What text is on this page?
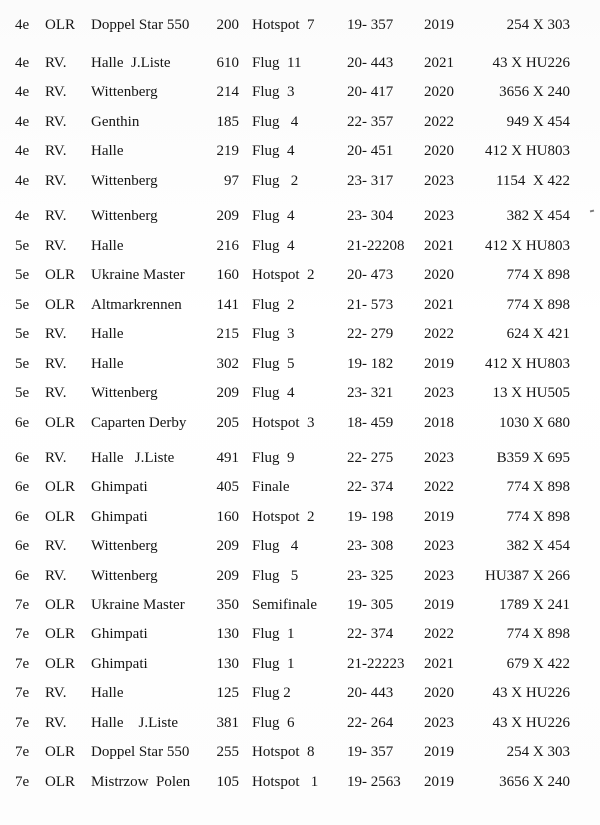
4e OLR Doppel Star 550	200 Hotspot  7 19- 357 2019	254 X 303
4e RV. Halle  J.Liste	610 Flug  11	20- 443 2021	43 X HU226
4e RV. Wittenberg	214 Flug  3	20- 417 2020	3656 X 240
4e RV. Genthin	185 Flug   4	22- 357 2022	949 X 454
4e RV. Halle	219 Flug  4	20- 451 2020	412 X HU803
4e RV. Wittenberg	97 Flug   2	23- 317 2023	1154  X 422
4e RV. Wittenberg	209 Flug  4	23- 304 2023	382 X 454
5e RV. Halle	216 Flug  4	21-22208 2021	412 X HU803
5e OLR Ukraine Master	160 Hotspot  2 20- 473 2020	774 X 898
5e OLR Altmarkrennen	141 Flug  2	21- 573 2021	774 X 898
5e RV. Halle	215 Flug  3	22- 279 2022	624 X 421
5e RV. Halle	302 Flug  5	19- 182 2019	412 X HU803
5e RV. Wittenberg	209 Flug  4	23- 321 2023	13 X HU505
6e OLR Caparten Derby	205 Hotspot  3 18- 459 2018	1030 X 680
6e RV. Halle   J.Liste	491 Flug  9	22- 275 2023	B359 X 695
6e OLR Ghimpati	405 Finale	22- 374 2022	774 X 898
6e OLR Ghimpati	160 Hotspot  2 19- 198 2019	774 X 898
6e RV. Wittenberg	209 Flug   4	23- 308 2023	382 X 454
6e RV. Wittenberg	209 Flug   5	23- 325 2023	HU387 X 266
7e OLR Ukraine Master	350 Semifinale 19- 305 2019	1789 X 241
7e OLR Ghimpati	130 Flug  1	22- 374 2022	774 X 898
7e OLR Ghimpati	130 Flug  1	21-22223 2021	679 X 422
7e RV. Halle	125 Flug 2	20- 443 2020	43 X HU226
7e RV. Halle    J.Liste	381 Flug  6	22- 264 2023	43 X HU226
7e OLR Doppel Star 550	255 Hotspot  8 19- 357 2019	254 X 303
7e OLR Mistrzow  Polen	105 Hotspot   1 19- 2563 2019	3656 X 240
